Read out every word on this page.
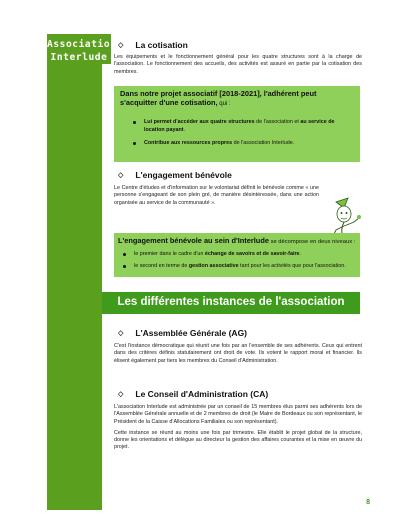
Association
Interlude
◇ La cotisation

Les équipements et le fonctionnement général pour les quatre structures sont à la charge de l'association. Le fonctionnement des accueils, des activités est assuré en partie par la cotisation des membres.

Dans notre projet associatif [2018-2021], l'adhérent peut s'acquitter d'une cotisation, qui :
Lui permet d'accéder aux quatre structures de l'association et au service de location payant.
Contribue aux ressources propres de l'association Interlude.
◇ L'engagement bénévole

Le Centre d'études et d'information sur le volontariat définit le bénévole comme « une personne s'engageant de son plein gré, de manière désintéressée, dans une action organisée au service de la communauté ».

L'engagement bénévole au sein d'Interlude se décompose en deux niveaux :
le premier dans le cadre d'un échange de savoirs et de savoir-faire.
le second en terme de gestion associative tant pour les activités que pour l'association.
Les différentes instances de l'association
◇ L'Assemblée Générale (AG)

C'est l'instance démocratique qui réunit une fois par an l'ensemble de ses adhérents. Ceux qui entrent dans des critères définis statutairement ont droit de vote. Ils votent le rapport moral et financier. Ils élisent également par tiers les membres du Conseil d'Administration.

◇ Le Conseil d'Administration (CA)

L'association Interlude est administrée par un conseil de 15 membres élus parmi ses adhérents lors de l'Assemblée Générale annuelle et de 2 membres de droit (le Maire de Bordeaux ou son représentant, le Président de la Caisse d'Allocations Familiales ou son représentant).

Cette instance se réunit au moins une fois par trimestre. Elle établit le projet global de la structure, donne les orientations et délègue au directeur la gestion des affaires courantes et la mise en œuvre du projet.

8
